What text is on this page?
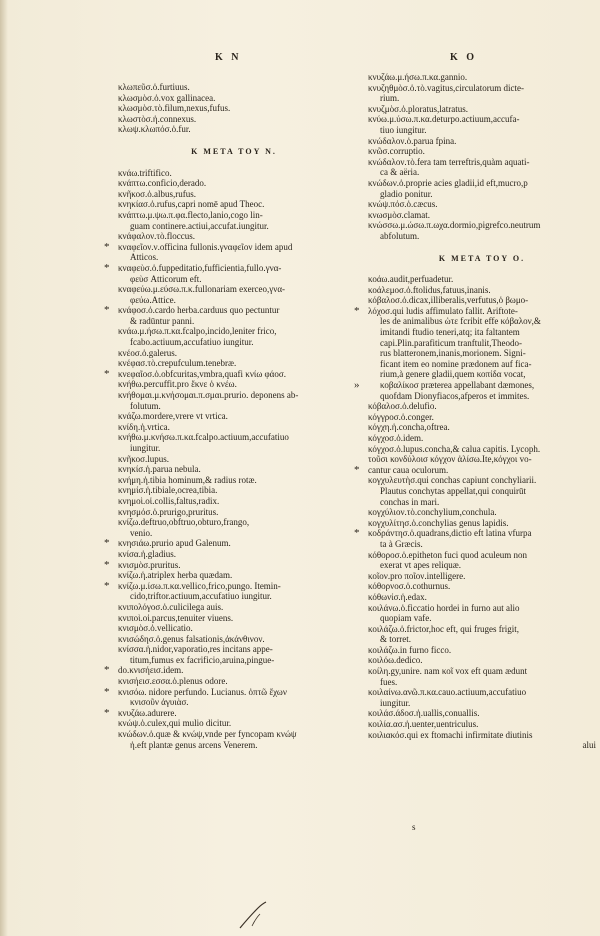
K N	K O
κλωπεῦσ.ὁ.furtiuus.
κλωσμὸσ.ὁ.vox gallinacea.
κλωσμὸσ.τὸ.filum,nexus,fufus.
κλωστὸσ.ἡ.connexus.
κλωψ.κλωπόσ.ὁ.fur.
K META TOY N.
κνάω.triftifico.
κνάπτω.conficio,derado.
κνῆκοσ.ὁ.albus,rufus.
κνηκίασ.ὁ.rufus,capri nomē apud Theoc.
κνάπτω.μ.ψω.π.φα.flecto,lanio,cogo lin-
guam continere.actiui,accufat.iungitur.
κνάφαλον.τὸ.floccus.
κναφεῖον.ν.officina fullonis.γναφεῖον idem apud
*
Atticos.
κναφεὺσ.ὁ.fuppeditatio,fufficientia,fullo.γνα-
*
φεὺσ Atticorum eft.
κναφεύω.μ.εύσω.π.κ.fullonariam exerceo,γνα-
φεύω.Attice.
κνάφοσ.ὁ.cardo herba.carduus quo pectuntur
*
& radūntur panni.
κνάω.μ.ήσω.π.κα.fcalpo,incido,leniter frico,
fcabo.actiuum,accufatiuo iungitur.
κνέοσ.ὁ.galerus.
κνέφασ.τὸ.crepufculum.tenebræ.
κνεφαῖοσ.ὁ.obfcuritas,vmbra,quafi κνίω φάοσ.
*
κνήθω.percuffit.pro ἔκνε ὁ κνέω.
κνήθομαι.μ.κνήσομαι.π.σμαι.prurio. deponens ab-
folutum.
κνάζω.mordere,vrere vt vrtica.
κνίδη.ἡ.vrtica.
κνήθω.μ.κνήσω.π.κα.fcalpo.actiuum,accufatiuo
iungitur.
κνῆκοσ.lupus.
κνηκίσ.ἡ.parua nebula.
κνήμη.ἡ.tibia hominum,& radius rotæ.
κνημίσ.ἡ.tibiale,ocrea,tibia.
κνημοὶ.οἱ.collis,faltus,radix.
κνησμόσ.ὁ.prurigo,pruritus.
κνίζω.deftruo,obftruo,obturo,frango,
venio.
κνησιάω.prurio apud Galenum.
*
κνίσα.ἡ.gladius.
κνισμὸσ.pruritus.
*
κνίζω.ἡ.atriplex herba quædam.
κνίζω.μ.ίσω.π.κα.vellico,frico,pungo. Itemin-
*
cido,triftor.actiuum,accufatiuo iungitur.
κνιπολόγοσ.ὁ.culicilega auis.
κνιποὶ.οἱ.parcus,tenuiter viuens.
κνισμὸσ.ὁ.vellicatio.
κνισώδησ.ὁ.genus falsationis,ἀκάνθινον.
κνίσσα.ἡ.nidor,vaporatio,res incitans appe-
titum,fumus ex facrificio,aruina,pingue-
do.κνισήεισ.idem.
*
κνισήεισ.εσσα.ὁ.plenus odore.
κνισόω. nidore perfundo. Lucianus. ὀπτῶ ἔχων
*
κνισοῦν ἀγυιὰσ.
κνυζάω.adurere.
*
κνώψ.ὁ.culex,qui mulio dicitur.
κνώδων.ὁ.quæ & κνώψ,vnde per fyncopam κνώψ
ἡ.eft plantæ genus arcens Venerem.
κνυζάω.μ.ήσω.π.κα.gannio.
κνυζηθμὸσ.ὁ.τὸ.vagitus,circulatorum dicte-
rium.
κνυζμὸσ.ὁ.ploratus,latratus.
κνύω.μ.ύσω.π.κα.deturpo.actiuum,accufa-
tiuo iungitur.
κνώδαλον.ὁ.parua fpina.
κνῶσ.corruptio.
κνώδαλον.τὸ.fera tam terreftris,quàm aquati-
ca & aëria.
κνώδων.ὁ.proprie acies gladii,id eft,mucro,p
gladio ponitur.
κνώψ.πόσ.ὁ.cæcus.
κνωσμὸσ.clamat.
κνώσσω.μ.ώσω.π.ωχα.dormio,pigrefco.neutrum
abfolutum.
K META TOY O.
κοάω.audit,perfuadetur.
κοάλεμοσ.ὁ.ftolidus,fatuus,inanis.
κόβαλοσ.ὁ.dicax,illiberalis,verfutus,ὁ βωμο-
λόχοσ.qui ludis affimulato fallit. Ariftote-
*
les de animalibus ὠτε fcribit effe κόβαλον,&
imitandi ftudio teneri,atq; ita faltantem
capi.Plin.parafiticum tranftulit,Theodo-
rus blatteronem,inanis,morionem. Signi-
ficant item eo nomine prædonem auf fica-
rium,à genere gladii,quem κοπίδα vocat,
κοβαλίκοσ præterea appellabant dæmones,
»
quofdam Dionyfiacos,afperos et immites.
κόβαλοσ.ὁ.delufio.
κόγγροσ.ὁ.conger.
κόγχη.ἡ.concha,oftrea.
κόγχοσ.ὁ.idem.
κόγχοσ.ὁ.lupus.concha,& calua capitis. Lycoph.
τοῦσι κονδύλοισ κόγχον ἀλίσω.Ite,κόγχοι vo-
cantur caua oculorum.
*
κογχυλευτὴσ.qui conchas capiunt conchyliarii.
Plautus conchytas appellat,qui conquirūt
conchas in mari.
κογχύλιον.τὸ.conchylium,conchula.
κογχυλίτησ.ὁ.conchylias genus lapidis.
κοδράντησ.ὁ.quadrans,dictio eft latina vfurpa
*
ta à Græcis.
κόθοροσ.ὁ.epitheton fuci quod aculeum non
exerat vt apes reliquæ.
κοῖον.pro ποῖον.intelligere.
κόθορνοσ.ὁ.cothurnus.
κόθωνίσ.ἡ.edax.
κοιλάνω.ὁ.ficcatio hordei in furno aut alio
quopiam vafe.
κοιλάζω.ὁ.frictor,hoc eft, qui fruges frigit,
& torret.
κοιλάζω.in furno ficco.
κοιλόω.dedico.
κοίλη.gy,unire. nam κοῖ vox eft quam ædunt
fues.
κοιλαίνω.ανῶ.π.κα.cauo.actiuum,accufatiuo
iungitur.
κοιλάσ.άδοσ.ἡ.uallis,conuallis.
κοιλία.ασ.ἡ.uenter,uentriculus.
κοιλιακόσ.qui ex ftomachi infirmitate diutinis
alui
s
